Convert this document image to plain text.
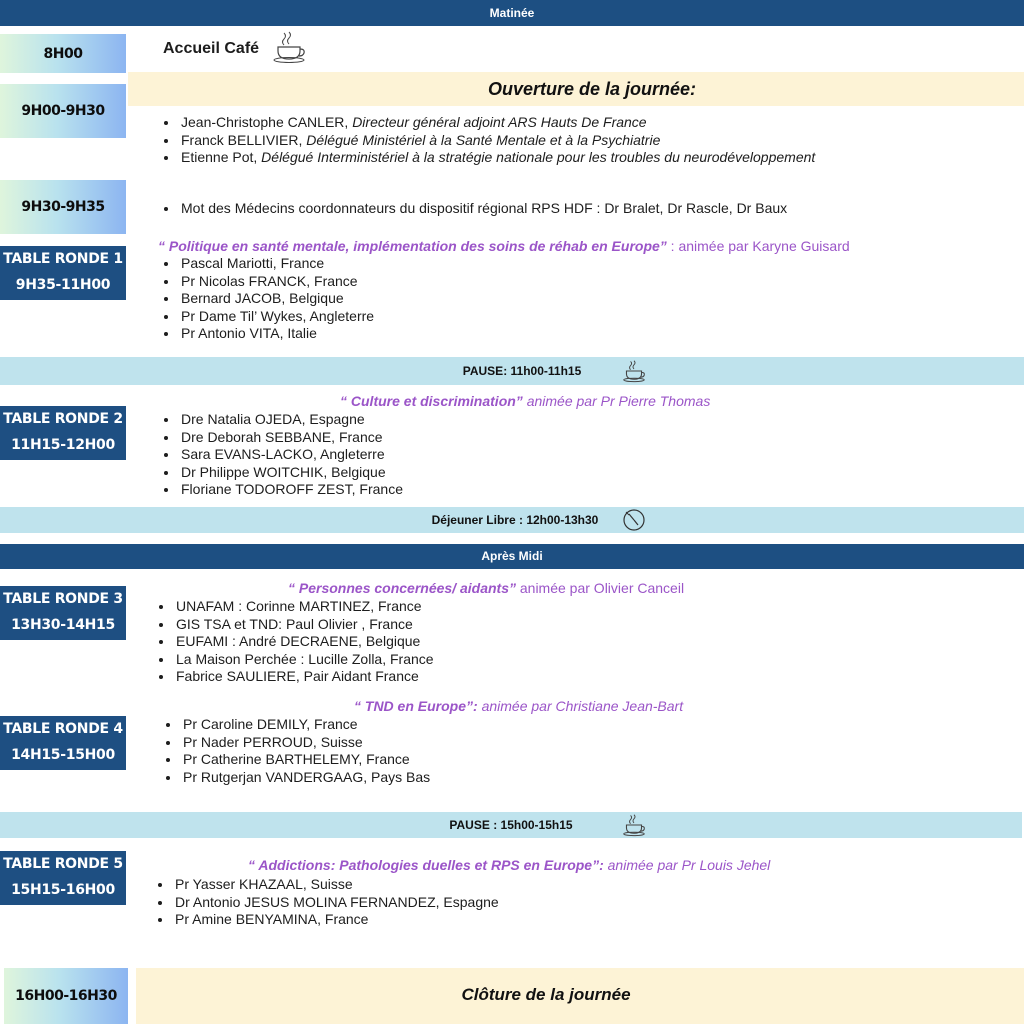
Matinée
8H00	Accueil Café
Ouverture de la journée:
9H00-9H30
• Jean-Christophe CANLER, Directeur général adjoint ARS Hauts De France
• Franck BELLIVIER, Délégué Ministériel à la Santé Mentale et à la Psychiatrie
• Etienne Pot, Délégué Interministériel à la stratégie nationale pour les troubles du neurodéveloppement
9H30-9H35
•	Mot des Médecins coordonnateurs du dispositif régional RPS HDF : Dr Bralet, Dr Rascle, Dr Baux
TABLE RONDE 1
9H35-11H00
“ Politique en santé mentale, implémentation des soins de réhab en Europe” : animée par Karyne Guisard
• Pascal Mariotti, France
• Pr Nicolas FRANCK, France
• Bernard JACOB, Belgique
• Pr Dame Til’ Wykes, Angleterre
• Pr Antonio VITA, Italie
PAUSE: 11h00-11h15
TABLE RONDE 2
11H15-12H00
“ Culture et discrimination” animée par Pr Pierre Thomas
• Dre Natalia OJEDA, Espagne
• Dre Deborah SEBBANE, France
• Sara EVANS-LACKO, Angleterre
• Dr Philippe WOITCHIK, Belgique
• Floriane TODOROFF ZEST, France
Déjeuner Libre : 12h00-13h30
Après Midi
TABLE RONDE 3
13H30-14H15
“ Personnes concernées/ aidants” animée par Olivier Canceil
• UNAFAM : Corinne MARTINEZ, France
• GIS TSA et TND: Paul Olivier , France
• EUFAMI : André DECRAENE, Belgique
• La Maison Perchée : Lucille Zolla, France
• Fabrice SAULIERE, Pair Aidant France
TABLE RONDE 4
14H15-15H00
“ TND en Europe”: animée par Christiane Jean-Bart
• Pr Caroline DEMILY, France
• Pr Nader PERROUD, Suisse
• Pr Catherine BARTHELEMY, France
• Pr Rutgerjan VANDERGAAG, Pays Bas
PAUSE : 15h00-15h15
TABLE RONDE 5
15H15-16H00
“ Addictions: Pathologies duelles et RPS en Europe”: animée par Pr Louis Jehel
• Pr Yasser KHAZAAL, Suisse
• Dr Antonio JESUS MOLINA FERNANDEZ, Espagne
• Pr Amine BENYAMINA, France
16H00-16H30	Clôture de la journée
